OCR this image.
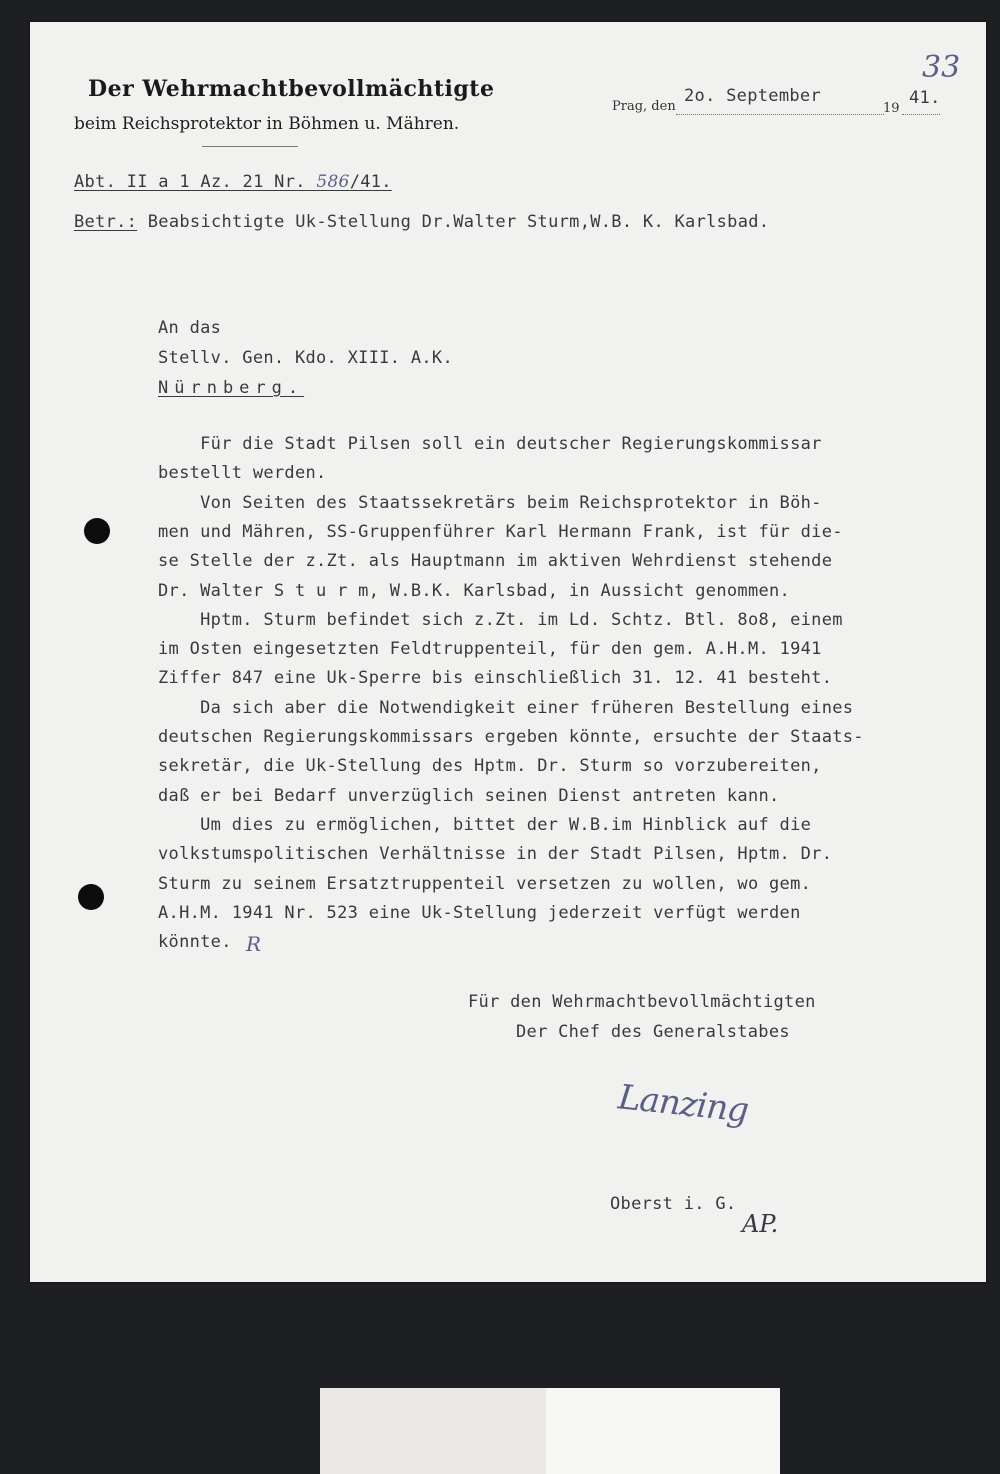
Der Wehrmachtbevollmächtigte
beim Reichsprotektor in Böhmen u. Mähren.
Prag, den
2o. September
19
41.
33
Abt. II a 1 Az. 21 Nr. 586/41.
Betr.: Beabsichtigte Uk-Stellung Dr.Walter Sturm,W.B. K. Karlsbad.
An das
Stellv. Gen. Kdo. XIII. A.K.
Nürnberg.
Für die Stadt Pilsen soll ein deutscher Regierungskommissar
bestellt werden.
Von Seiten des Staatssekretärs beim Reichsprotektor in Böh-
men und Mähren, SS-Gruppenführer Karl Hermann Frank, ist für die-
se Stelle der z.Zt. als Hauptmann im aktiven Wehrdienst stehende
Dr. Walter S t u r m, W.B.K. Karlsbad, in Aussicht genommen.
Hptm. Sturm befindet sich z.Zt. im Ld. Schtz. Btl. 8o8, einem
im Osten eingesetzten Feldtruppenteil, für den gem. A.H.M. 1941
Ziffer 847 eine Uk-Sperre bis einschließlich 31. 12. 41 besteht.
Da sich aber die Notwendigkeit einer früheren Bestellung eines
deutschen Regierungskommissars ergeben könnte, ersuchte der Staats-
sekretär, die Uk-Stellung des Hptm. Dr. Sturm so vorzubereiten,
daß er bei Bedarf unverzüglich seinen Dienst antreten kann.
Um dies zu ermöglichen, bittet der W.B.im Hinblick auf die
volkstumspolitischen Verhältnisse in der Stadt Pilsen, Hptm. Dr.
Sturm zu seinem Ersatztruppenteil versetzen zu wollen, wo gem.
A.H.M. 1941 Nr. 523 eine Uk-Stellung jederzeit verfügt werden
könnte. R
Für den Wehrmachtbevollmächtigten
Der Chef des Generalstabes
Lanzing
Oberst i. G.
AP.
